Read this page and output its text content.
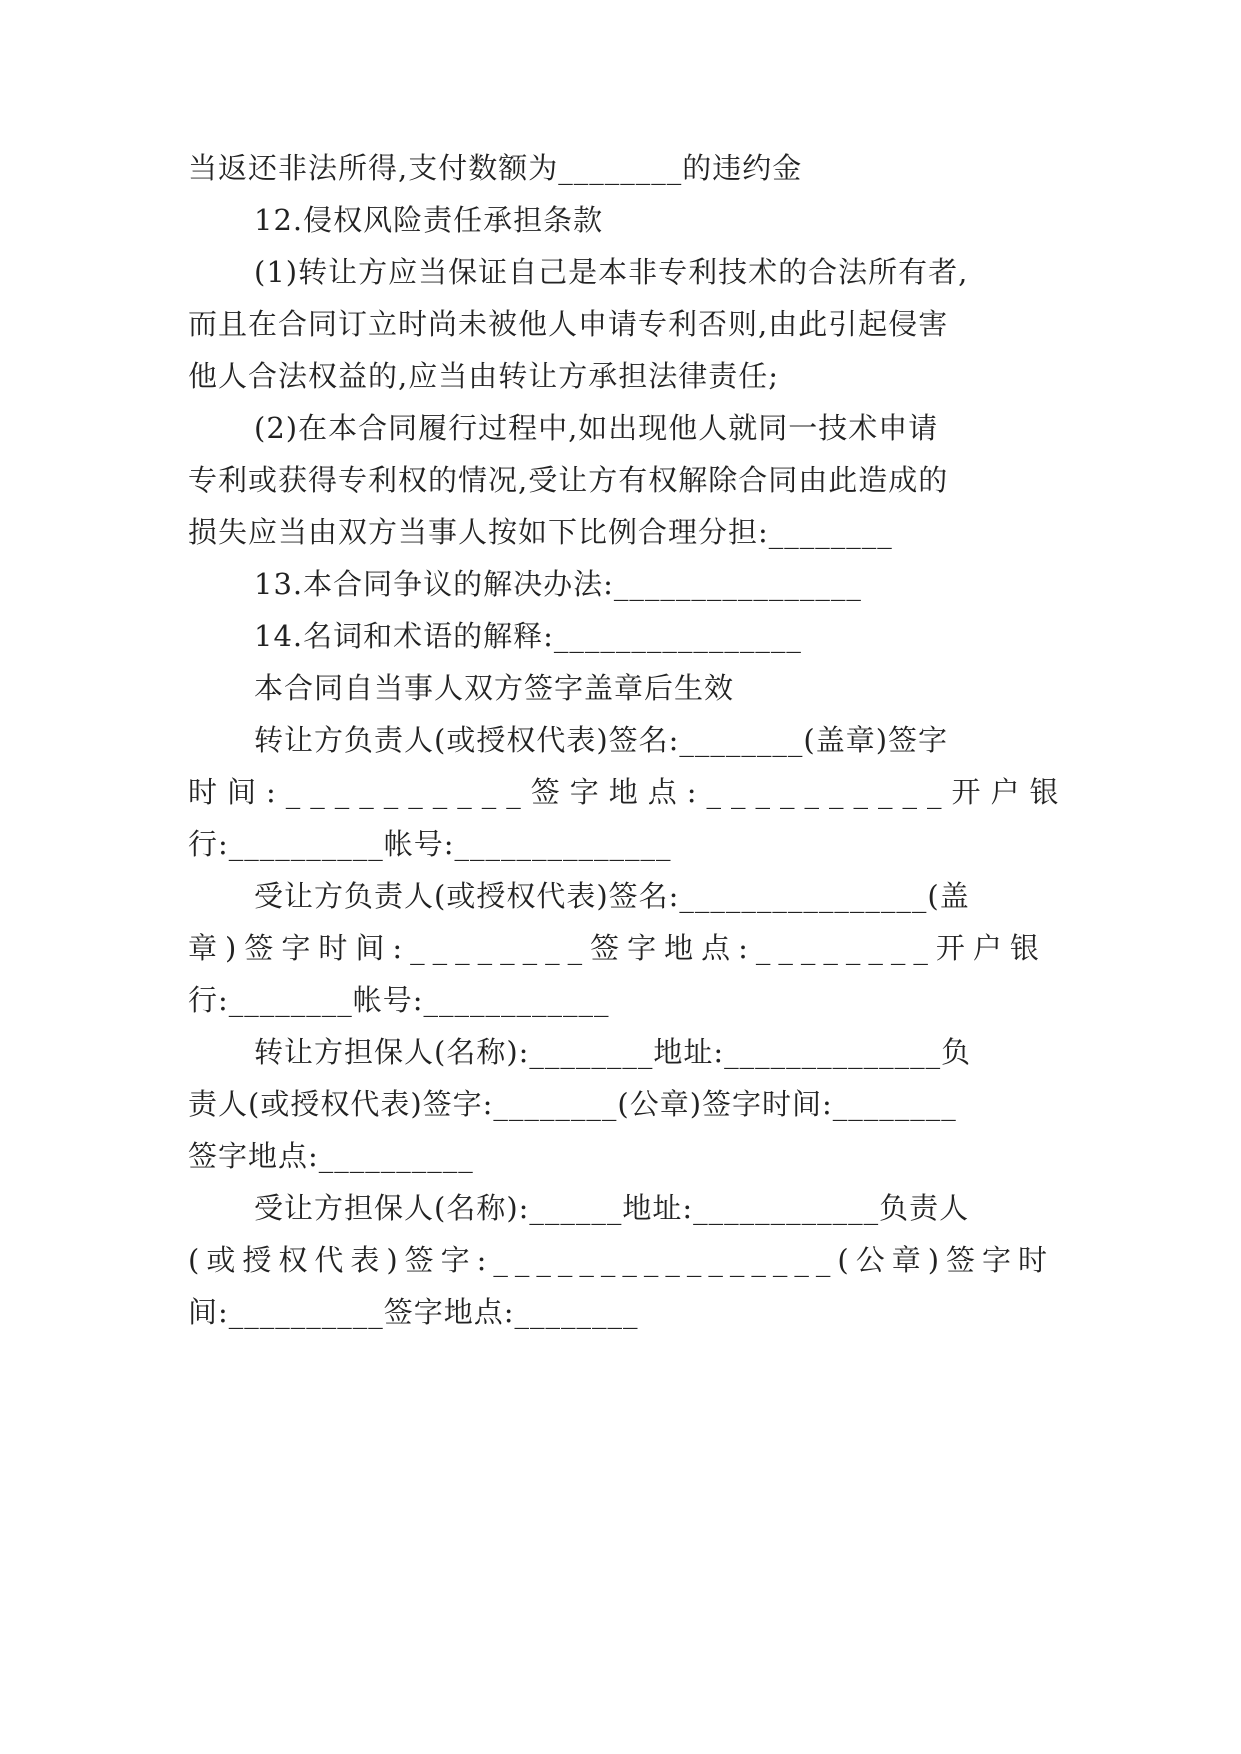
当返还非法所得,支付数额为________的违约金
12.侵权风险责任承担条款
(1)转让方应当保证自己是本非专利技术的合法所有者,
而且在合同订立时尚未被他人申请专利否则,由此引起侵害
他人合法权益的,应当由转让方承担法律责任;
(2)在本合同履行过程中,如出现他人就同一技术申请
专利或获得专利权的情况,受让方有权解除合同由此造成的
损失应当由双方当事人按如下比例合理分担:________
13.本合同争议的解决办法:________________
14.名词和术语的解释:________________
本合同自当事人双方签字盖章后生效
转让方负责人(或授权代表)签名:________(盖章)签字
时间:__________签字地点:__________开户银
行:__________帐号:______________
受让方负责人(或授权代表)签名:________________(盖
章)签字时间:________签字地点:________开户银
行:________帐号:____________
转让方担保人(名称):________地址:______________负
责人(或授权代表)签字:________(公章)签字时间:________
签字地点:__________
受让方担保人(名称):______地址:____________负责人
(或授权代表)签字:________________(公章)签字时
间:__________签字地点:________
